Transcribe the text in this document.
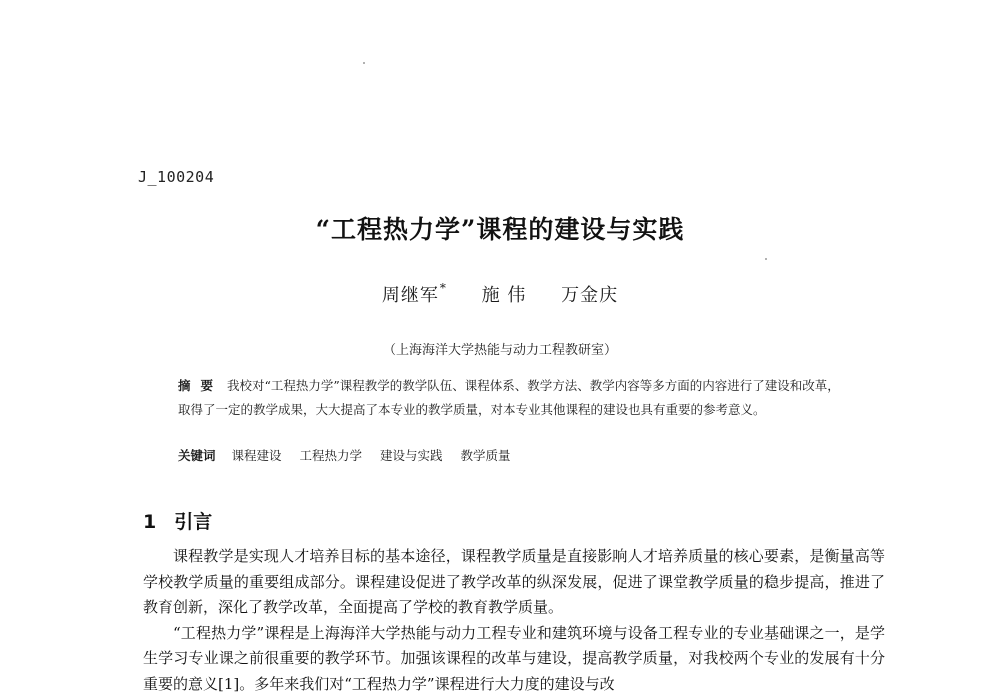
J_100204
“工程热力学”课程的建设与实践
周继军* 施 伟 万金庆
（上海海洋大学热能与动力工程教研室）
摘要 我校对“工程热力学”课程教学的教学队伍、课程体系、教学方法、教学内容等多方面的内容进行了建设和改革，取得了一定的教学成果，大大提高了本专业的教学质量，对本专业其他课程的建设也具有重要的参考意义。
关键词 课程建设 工程热力学 建设与实践 教学质量
1 引言

课程教学是实现人才培养目标的基本途径，课程教学质量是直接影响人才培养质量的核心要素，是衡量高等学校教学质量的重要组成部分。课程建设促进了教学改革的纵深发展，促进了课堂教学质量的稳步提高，推进了教育创新，深化了教学改革，全面提高了学校的教育教学质量。

“工程热力学”课程是上海海洋大学热能与动力工程专业和建筑环境与设备工程专业的专业基础课之一，是学生学习专业课之前很重要的教学环节。加强该课程的改革与建设，提高教学质量，对我校两个专业的发展有十分重要的意义[1]。多年来我们对“工程热力学”课程进行大力度的建设与改
